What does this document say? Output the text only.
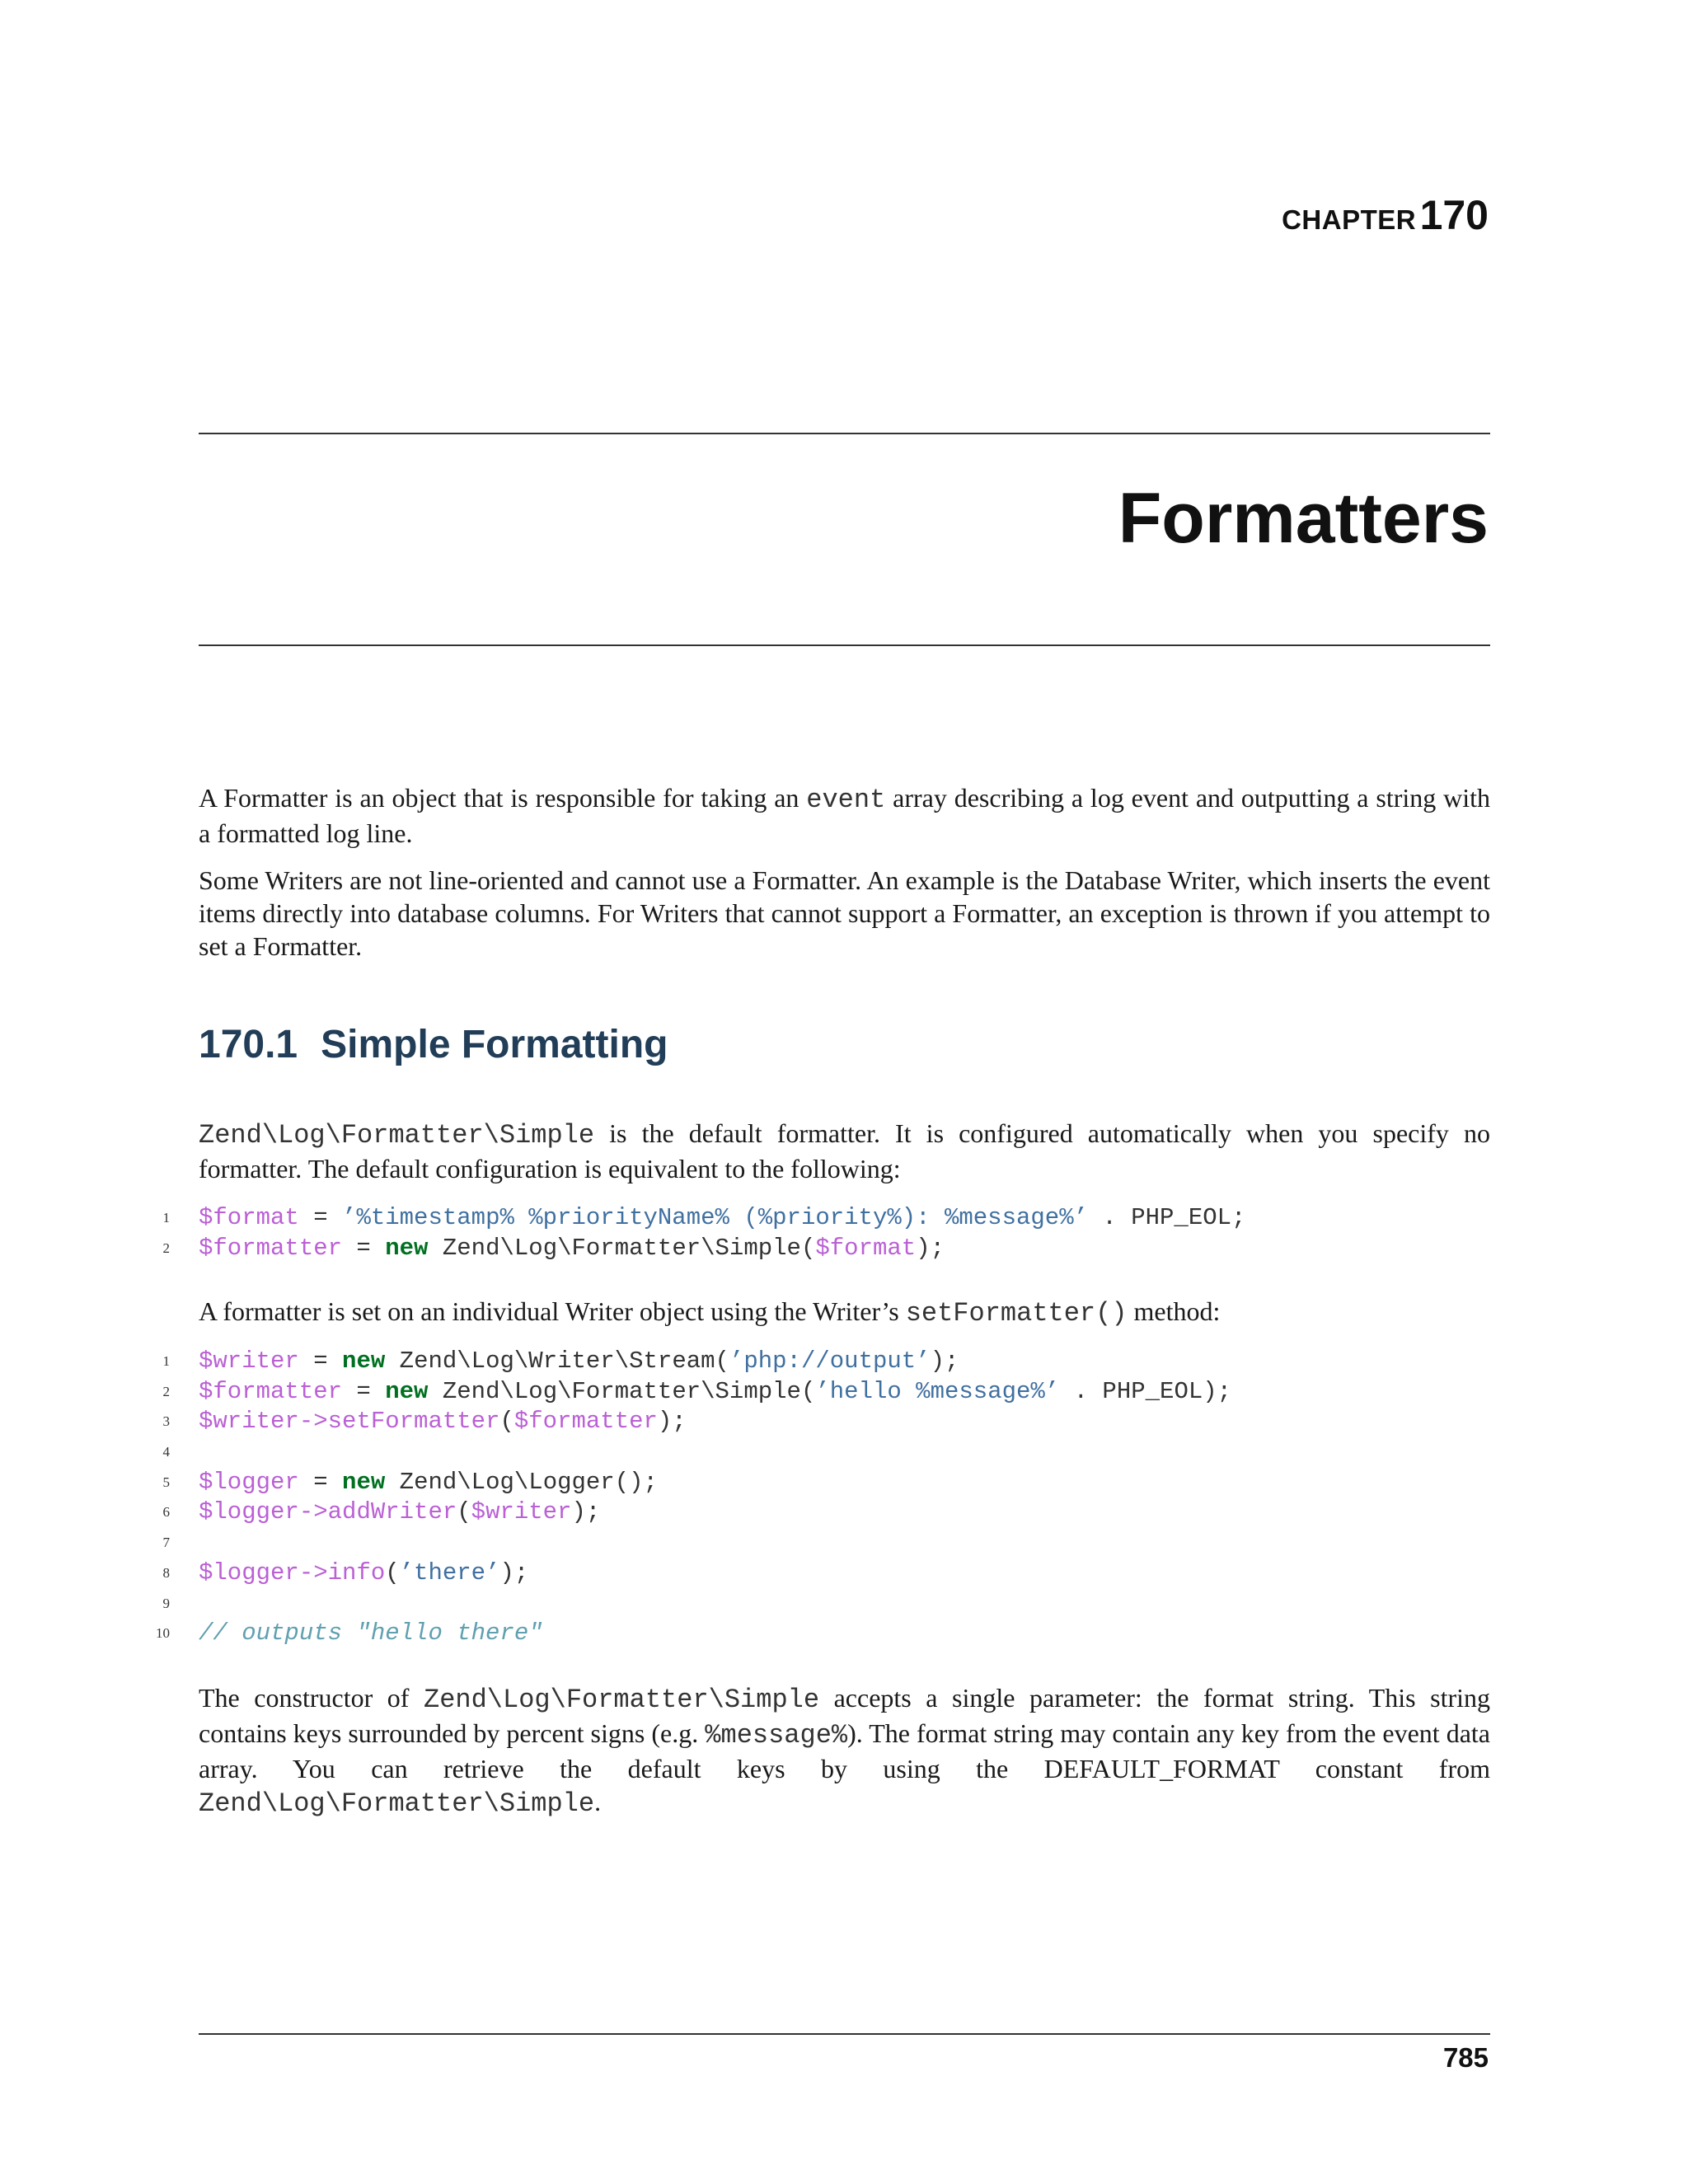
CHAPTER 170
Formatters

A Formatter is an object that is responsible for taking an event array describing a log event and outputting a string with a formatted log line.

Some Writers are not line-oriented and cannot use a Formatter. An example is the Database Writer, which inserts the event items directly into database columns. For Writers that cannot support a Formatter, an exception is thrown if you attempt to set a Formatter.

170.1 Simple Formatting

Zend\Log\Formatter\Simple is the default formatter. It is configured automatically when you specify no formatter. The default configuration is equivalent to the following:

1 $format = ’%timestamp% %priorityName% (%priority%): %message%’ . PHP_EOL;
2 $formatter = new Zend\Log\Formatter\Simple($format);

A formatter is set on an individual Writer object using the Writer’s setFormatter() method:

1 $writer = new Zend\Log\Writer\Stream(’php://output’);
2 $formatter = new Zend\Log\Formatter\Simple(’hello %message%’ . PHP_EOL);
3 $writer->setFormatter($formatter);
4
5 $logger = new Zend\Log\Logger();
6 $logger->addWriter($writer);
7
8 $logger->info(’there’);
9
10 // outputs "hello there"

The constructor of Zend\Log\Formatter\Simple accepts a single parameter: the format string. This string contains keys surrounded by percent signs (e.g. %message%). The format string may contain any key from the event data array. You can retrieve the default keys by using the DEFAULT_FORMAT constant from Zend\Log\Formatter\Simple.

785
